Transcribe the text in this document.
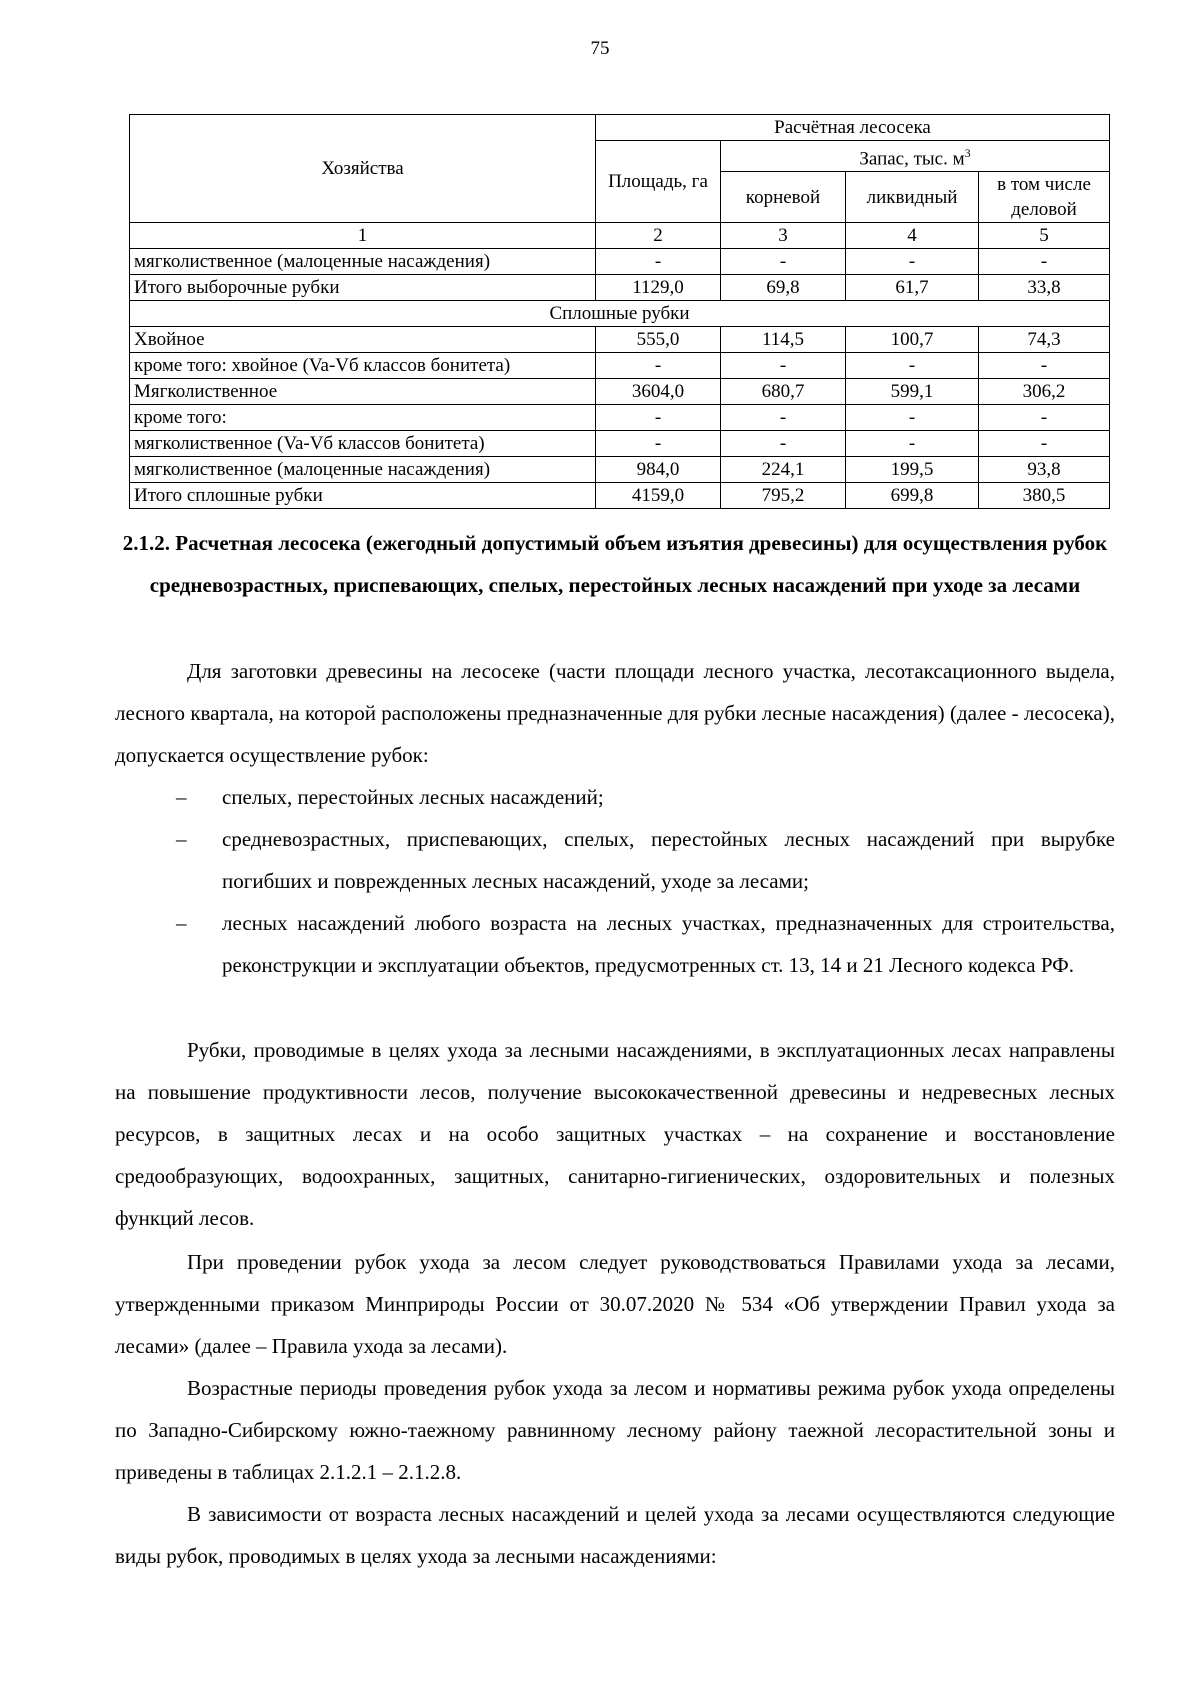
75
Хозяйства	Расчётная лесосека			
	Площадь, га	Запас, тыс. $м^3$
		корневой	ликвидный	в том числе
деловой

1	2	3	4	5
мягколиственное (малоценные насаждения)	-	-	-	-
Итого выборочные рубки	1129,0	69,8	61,7	33,8
Сплошные рубки				
Хвойное	555,0	114,5	100,7	74,3
кроме того: хвойное (Va-Vб классов бонитета)	-	-	-	-
Мягколиственное	3604,0	680,7	599,1	306,2
кроме того:	-	-	-	-
мягколиственное (Va-Vб классов бонитета)	-	-	-	-
мягколиственное (малоценные насаждения)	984,0	224,1	199,5	93,8
Итого сплошные рубки	4159,0	795,2	699,8	380,5
2.1.2. Расчетная лесосека (ежегодный допустимый объем изъятия древесины) для осуществления рубок средневозрастных, приспевающих, спелых, перестойных лесных насаждений при уходе за лесами

Для заготовки древесины на лесосеке (части площади лесного участка, лесотаксационного выдела, лесного квартала, на которой расположены предназначенные для рубки лесные насаждения) (далее - лесосека), допускается осуществление рубок:

– спелых, перестойных лесных насаждений;

– средневозрастных, приспевающих, спелых, перестойных лесных насаждений при вырубке погибших и поврежденных лесных насаждений, уходе за лесами;

– лесных насаждений любого возраста на лесных участках, предназначенных для строительства, реконструкции и эксплуатации объектов, предусмотренных ст. 13, 14 и 21 Лесного кодекса РФ.

Рубки, проводимые в целях ухода за лесными насаждениями, в эксплуатационных лесах направлены на повышение продуктивности лесов, получение высококачественной древесины и недревесных лесных ресурсов, в защитных лесах и на особо защитных участках – на сохранение и восстановление средообразующих, водоохранных, защитных, санитарно-гигиенических, оздоровительных и полезных функций лесов.

При проведении рубок ухода за лесом следует руководствоваться Правилами ухода за лесами, утвержденными приказом Минприроды России от 30.07.2020 № 534 «Об утверждении Правил ухода за лесами» (далее – Правила ухода за лесами).

Возрастные периоды проведения рубок ухода за лесом и нормативы режима рубок ухода определены по Западно-Сибирскому южно-таежному равнинному лесному району таежной лесорастительной зоны и приведены в таблицах 2.1.2.1 – 2.1.2.8.

В зависимости от возраста лесных насаждений и целей ухода за лесами осуществляются следующие виды рубок, проводимых в целях ухода за лесными насаждениями:
